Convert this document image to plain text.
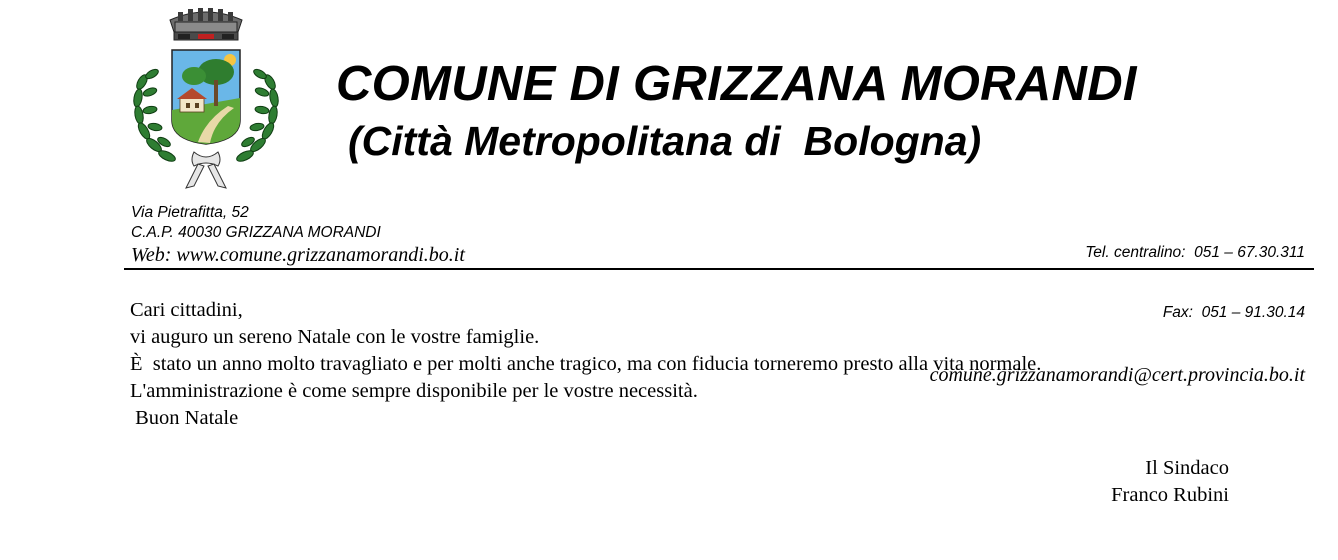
COMUNE DI GRIZZANA MORANDI
(Città Metropolitana di  Bologna)
Via Pietrafitta, 52
C.A.P. 40030 GRIZZANA MORANDI
Web: www.comune.grizzanamorandi.bo.it

	Tel. centralino:  051 – 67.30.311

Fax:  051 – 91.30.14

comune.grizzanamorandi@cert.provincia.bo.it

Cari cittadini,

vi auguro un sereno Natale con le vostre famiglie.

È  stato un anno molto travagliato e per molti anche tragico, ma con fiducia torneremo presto alla vita normale.

L'amministrazione è come sempre disponibile per le vostre necessità.

Buon Natale

Il Sindaco

Franco Rubini
